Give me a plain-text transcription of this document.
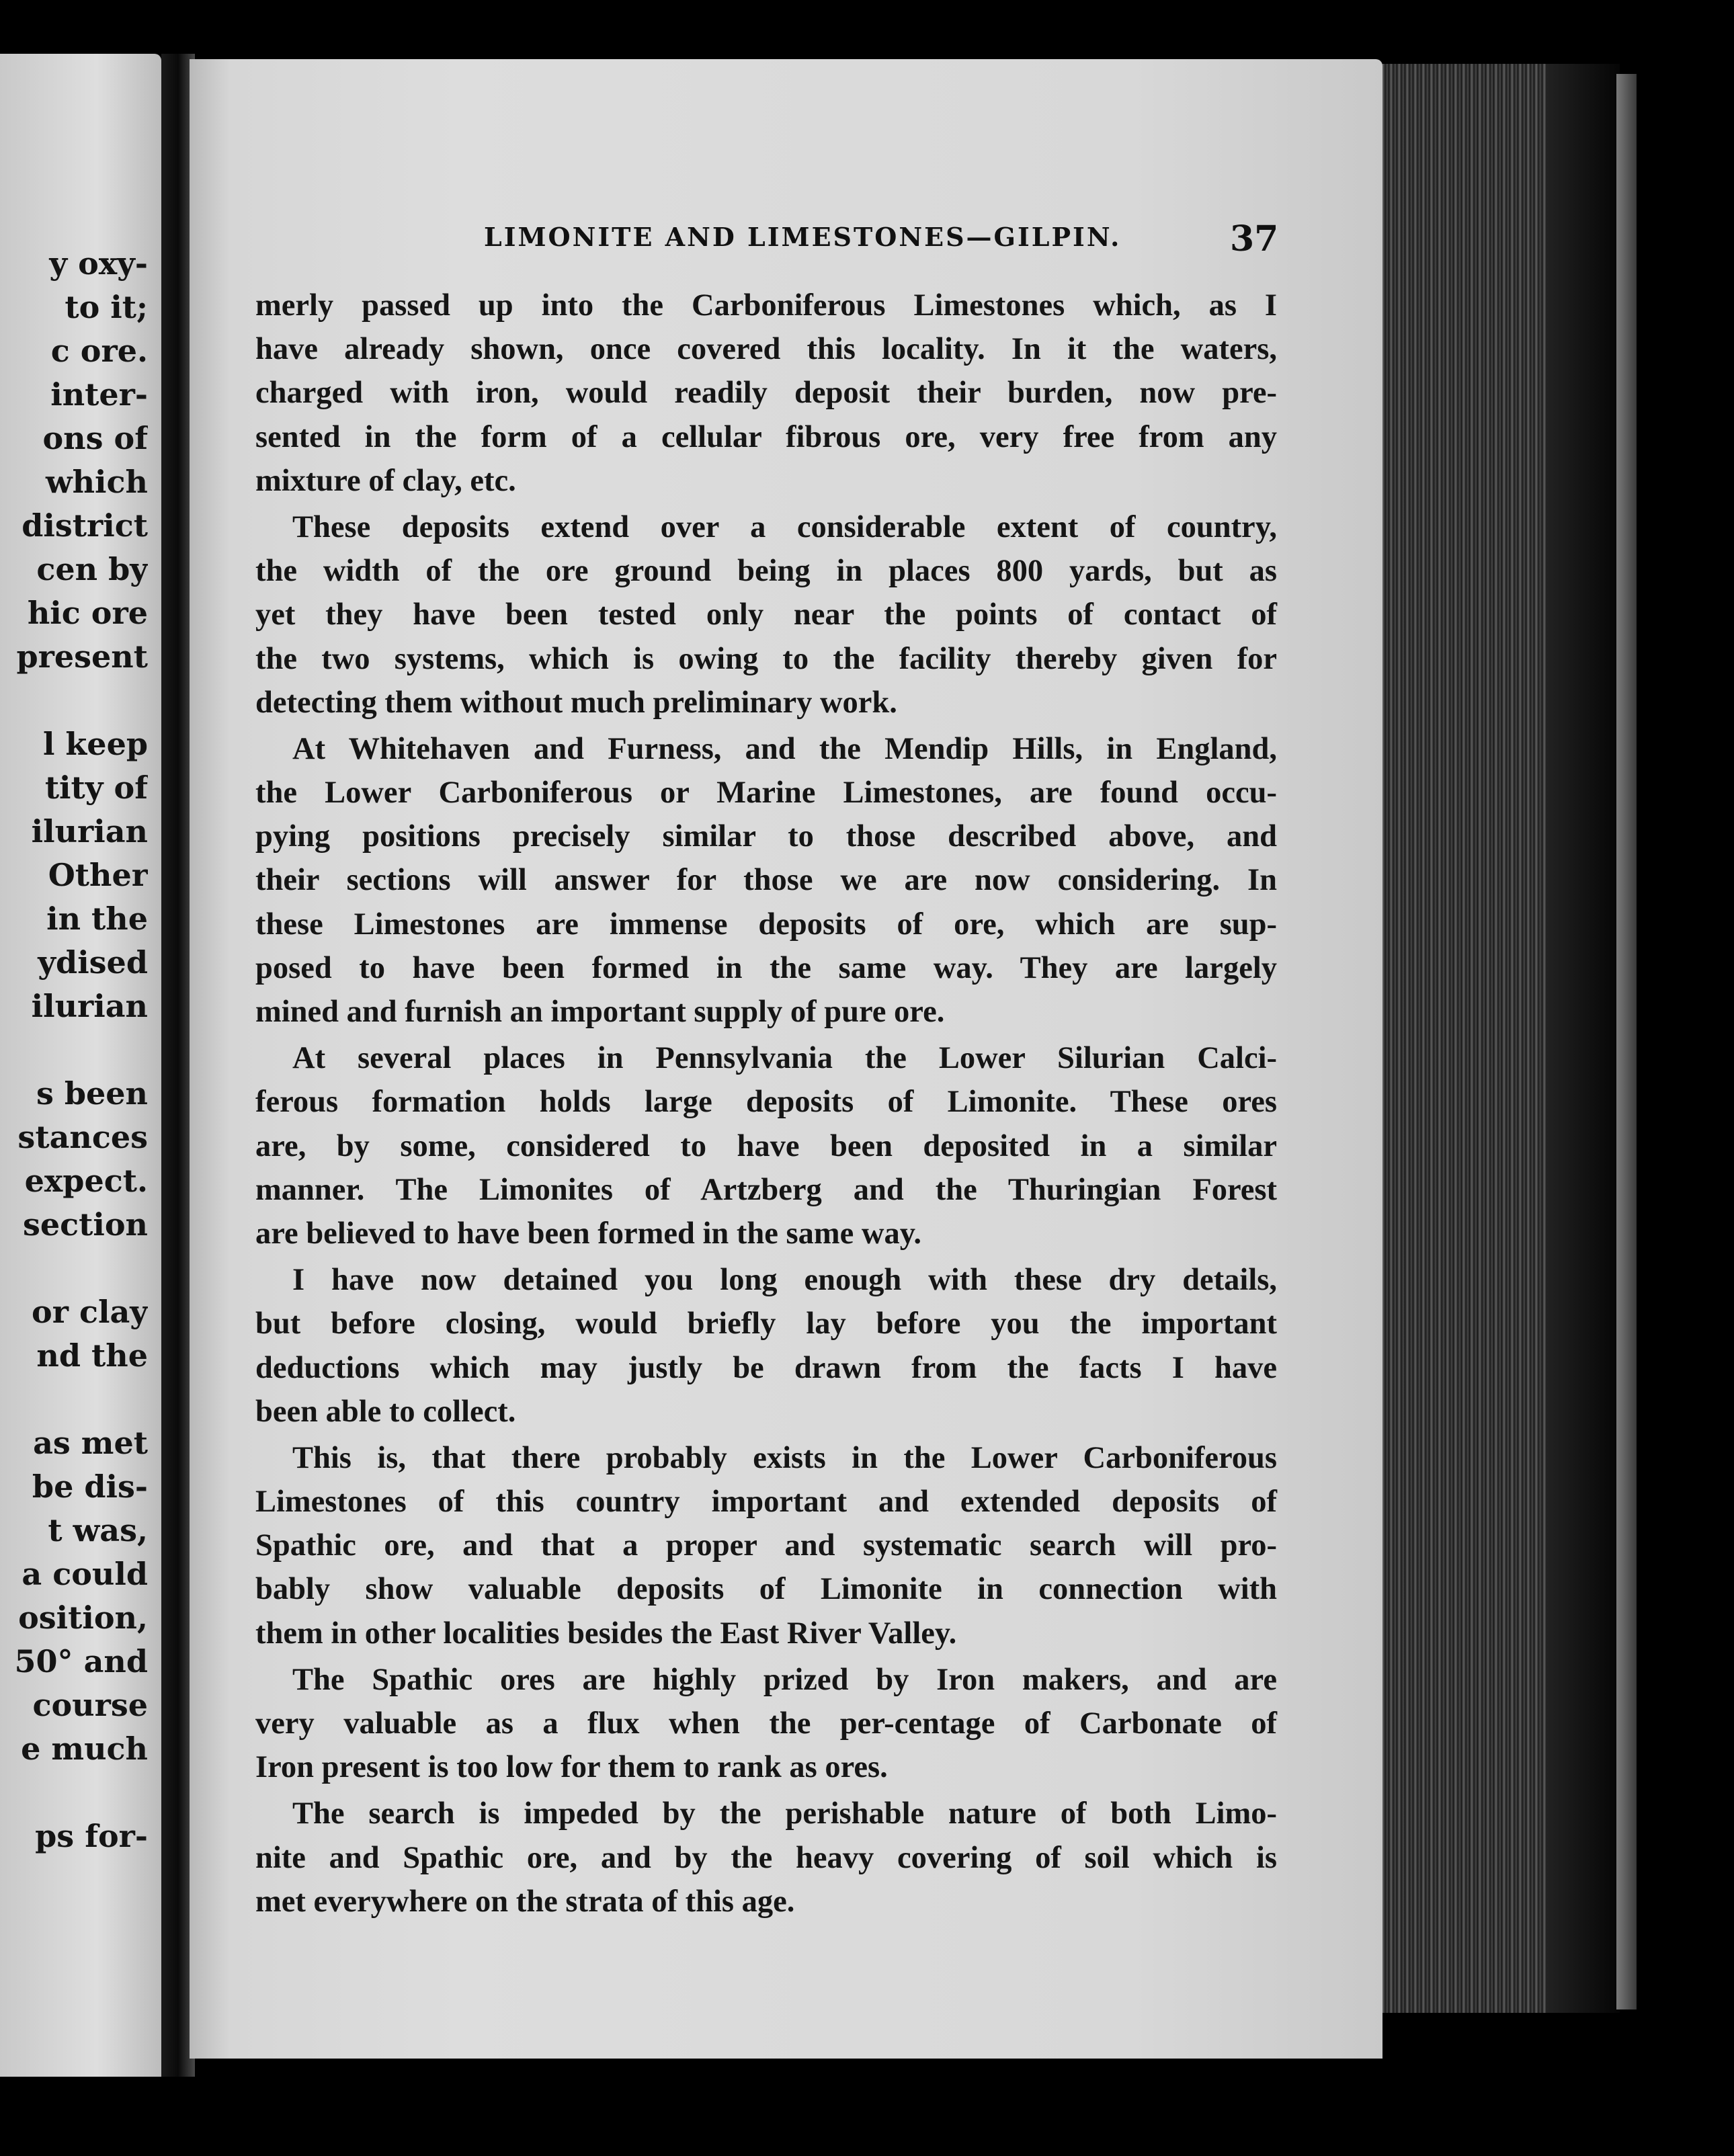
y oxy-
to it;
c ore.
inter-
ons of
which
district
cen by
hic ore
present
l keep
tity of
ilurian
Other
in the
ydised
ilurian
s been
stances
expect.
section
or clay
nd the
as met
be dis-
t was,
a could
osition,
50° and
course
e much
ps for-
LIMONITE AND LIMESTONES—GILPIN.	37
merly passed up into the Carboniferous Limestones which, as I
have already shown, once covered this locality. In it the waters,
charged with iron, would readily deposit their burden, now pre-
sented in the form of a cellular fibrous ore, very free from any
mixture of clay, etc.
These deposits extend over a considerable extent of country,
the width of the ore ground being in places 800 yards, but as
yet they have been tested only near the points of contact of
the two systems, which is owing to the facility thereby given for
detecting them without much preliminary work.
At Whitehaven and Furness, and the Mendip Hills, in England,
the Lower Carboniferous or Marine Limestones, are found occu-
pying positions precisely similar to those described above, and
their sections will answer for those we are now considering. In
these Limestones are immense deposits of ore, which are sup-
posed to have been formed in the same way. They are largely
mined and furnish an important supply of pure ore.
At several places in Pennsylvania the Lower Silurian Calci-
ferous formation holds large deposits of Limonite. These ores
are, by some, considered to have been deposited in a similar
manner. The Limonites of Artzberg and the Thuringian Forest
are believed to have been formed in the same way.
I have now detained you long enough with these dry details,
but before closing, would briefly lay before you the important
deductions which may justly be drawn from the facts I have
been able to collect.
This is, that there probably exists in the Lower Carboniferous
Limestones of this country important and extended deposits of
Spathic ore, and that a proper and systematic search will pro-
bably show valuable deposits of Limonite in connection with
them in other localities besides the East River Valley.
The Spathic ores are highly prized by Iron makers, and are
very valuable as a flux when the per-centage of Carbonate of
Iron present is too low for them to rank as ores.
The search is impeded by the perishable nature of both Limo-
nite and Spathic ore, and by the heavy covering of soil which is
met everywhere on the strata of this age.
